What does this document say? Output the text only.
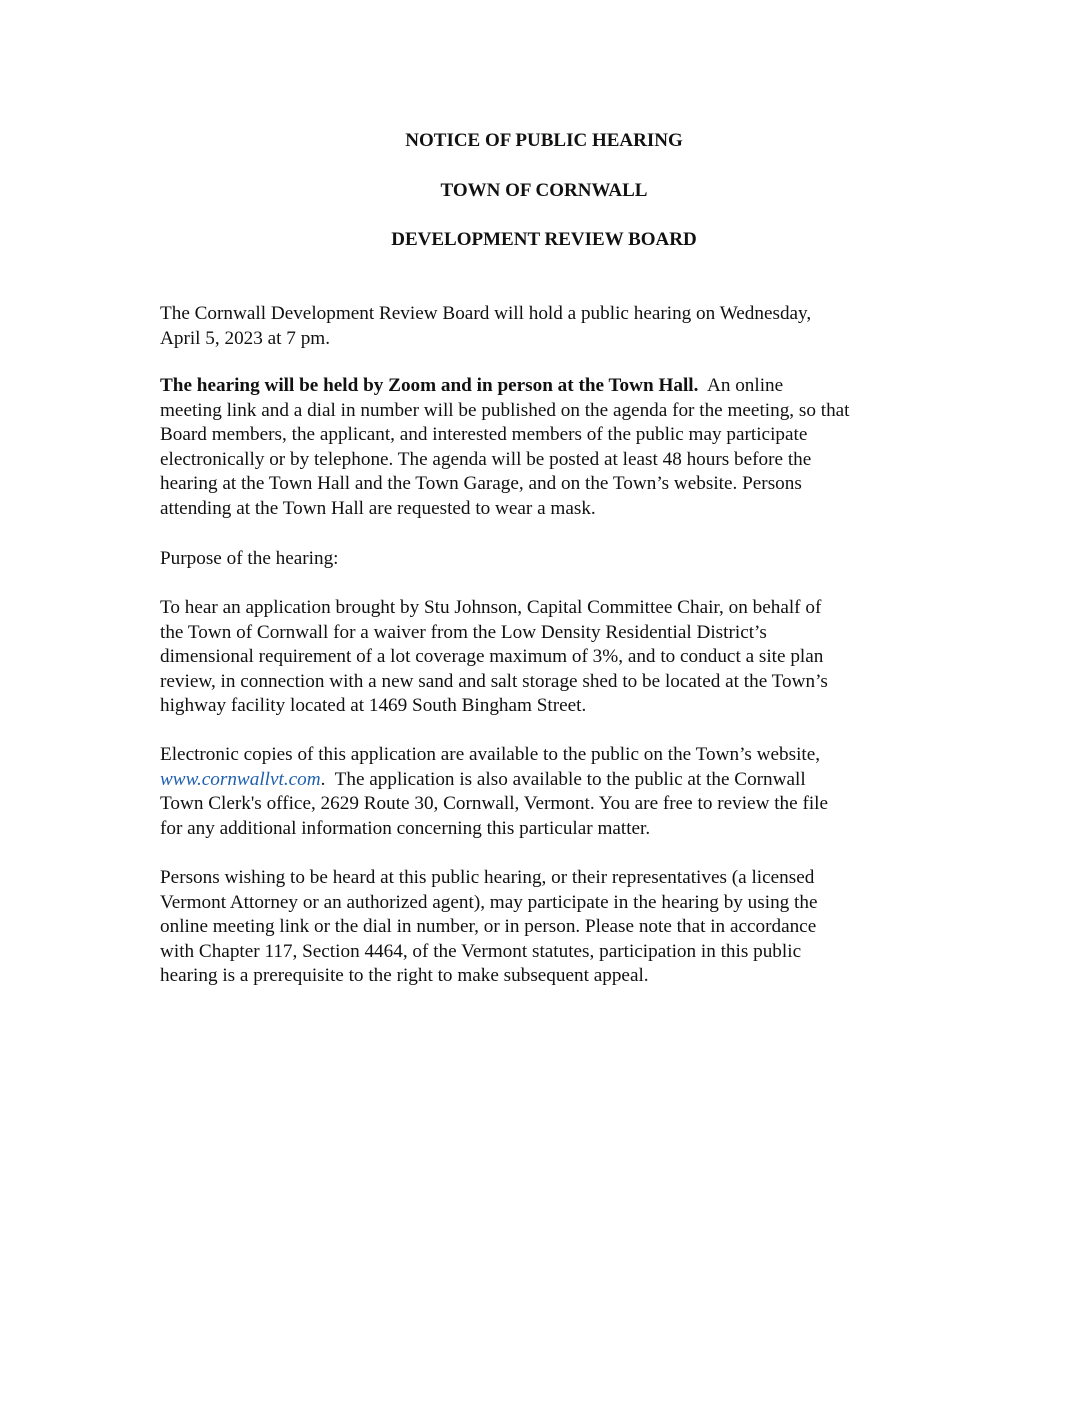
NOTICE OF PUBLIC HEARING
TOWN OF CORNWALL
DEVELOPMENT REVIEW BOARD
The Cornwall Development Review Board will hold a public hearing on Wednesday,
April 5, 2023 at 7 pm.
The hearing will be held by Zoom and in person at the Town Hall.  An online
meeting link and a dial in number will be published on the agenda for the meeting, so that
Board members, the applicant, and interested members of the public may participate
electronically or by telephone. The agenda will be posted at least 48 hours before the
hearing at the Town Hall and the Town Garage, and on the Town’s website. Persons
attending at the Town Hall are requested to wear a mask.
Purpose of the hearing:
To hear an application brought by Stu Johnson, Capital Committee Chair, on behalf of
the Town of Cornwall for a waiver from the Low Density Residential District’s
dimensional requirement of a lot coverage maximum of 3%, and to conduct a site plan
review, in connection with a new sand and salt storage shed to be located at the Town’s
highway facility located at 1469 South Bingham Street.
Electronic copies of this application are available to the public on the Town’s website,
www.cornwallvt.com.  The application is also available to the public at the Cornwall
Town Clerk's office, 2629 Route 30, Cornwall, Vermont. You are free to review the file
for any additional information concerning this particular matter.
Persons wishing to be heard at this public hearing, or their representatives (a licensed
Vermont Attorney or an authorized agent), may participate in the hearing by using the
online meeting link or the dial in number, or in person. Please note that in accordance
with Chapter 117, Section 4464, of the Vermont statutes, participation in this public
hearing is a prerequisite to the right to make subsequent appeal.
